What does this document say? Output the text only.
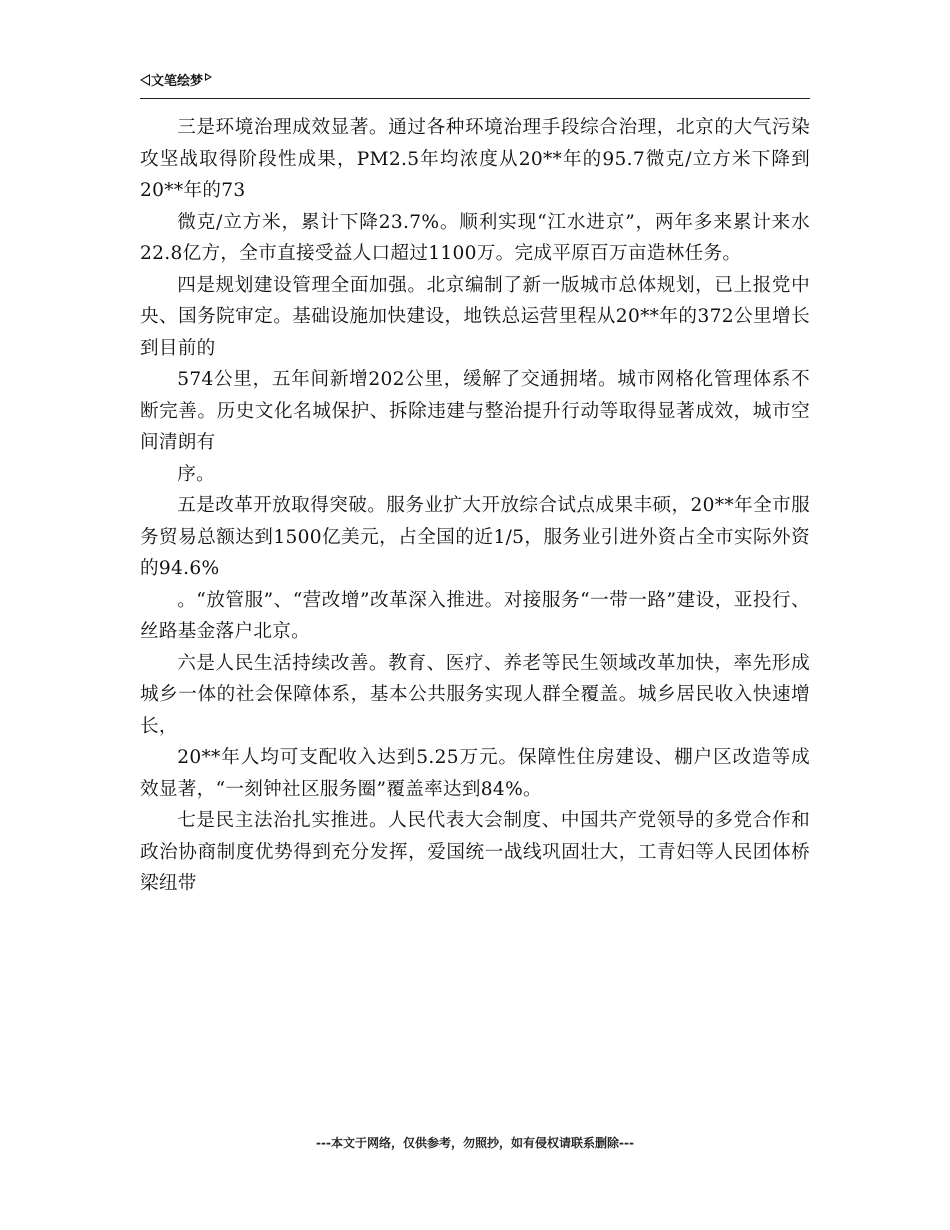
文笔绘梦

三是环境治理成效显著。通过各种环境治理手段综合治理，北京的大气污染攻坚战取得阶段性成果，PM2.5年均浓度从20**年的95.7微克/立方米下降到20**年的73

微克/立方米，累计下降23.7%。顺利实现“江水进京”，两年多来累计来水22.8亿方，全市直接受益人口超过1100万。完成平原百万亩造林任务。

四是规划建设管理全面加强。北京编制了新一版城市总体规划，已上报党中央、国务院审定。基础设施加快建设，地铁总运营里程从20**年的372公里增长到目前的

574公里，五年间新增202公里，缓解了交通拥堵。城市网格化管理体系不断完善。历史文化名城保护、拆除违建与整治提升行动等取得显著成效，城市空间清朗有

序。

五是改革开放取得突破。服务业扩大开放综合试点成果丰硕，20**年全市服务贸易总额达到1500亿美元，占全国的近1/5，服务业引进外资占全市实际外资的94.6%

。“放管服”、“营改增”改革深入推进。对接服务“一带一路”建设，亚投行、丝路基金落户北京。

六是人民生活持续改善。教育、医疗、养老等民生领域改革加快，率先形成城乡一体的社会保障体系，基本公共服务实现人群全覆盖。城乡居民收入快速增长，

20**年人均可支配收入达到5.25万元。保障性住房建设、棚户区改造等成效显著，“一刻钟社区服务圈”覆盖率达到84%。

七是民主法治扎实推进。人民代表大会制度、中国共产党领导的多党合作和政治协商制度优势得到充分发挥，爱国统一战线巩固壮大，工青妇等人民团体桥梁纽带

---本文于网络，仅供参考，勿照抄，如有侵权请联系删除---
